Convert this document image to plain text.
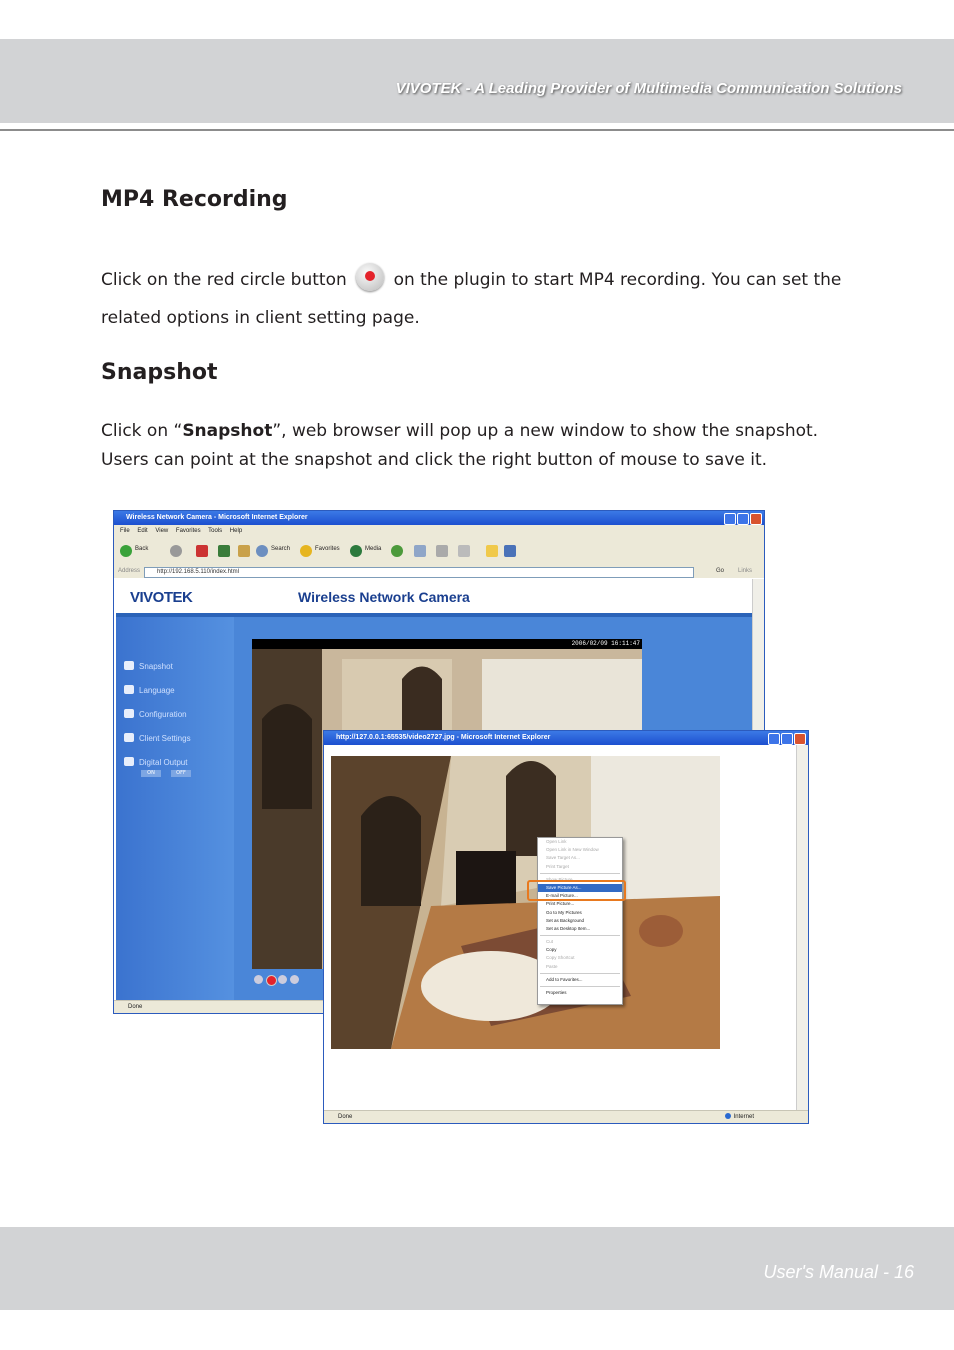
VIVOTEK - A Leading Provider of Multimedia Communication Solutions
MP4 Recording

Click on the red circle button  on the plugin to start MP4 recording. You can set the related options in client setting page.

Snapshot

Click on “Snapshot”, web browser will pop up a new window to show the snapshot. Users can point at the snapshot and click the right button of mouse to save it.

Wireless Network Camera - Microsoft Internet Explorer
File Edit View Favorites Tools Help
Back	Search	Favorites	Media
Address	http://192.168.5.110/index.html	Go Links
VIVOTEK	Wireless Network Camera
Snapshot
Language
Configuration
Client Settings
Digital Output
ON	OFF
2006/02/09 16:11:47
Done
http://127.0.0.1:65535/video2727.jpg - Microsoft Internet Explorer
Open Link
Open Link in New Window
Save Target As...
Print Target
Show Picture
Save Picture As...
E-mail Picture...
Print Picture...
Go to My Pictures
Set as Background
Set as Desktop Item...
Cut
Copy
Copy Shortcut
Paste
Add to Favorites...
Properties
Done	Internet
User's Manual - 16
